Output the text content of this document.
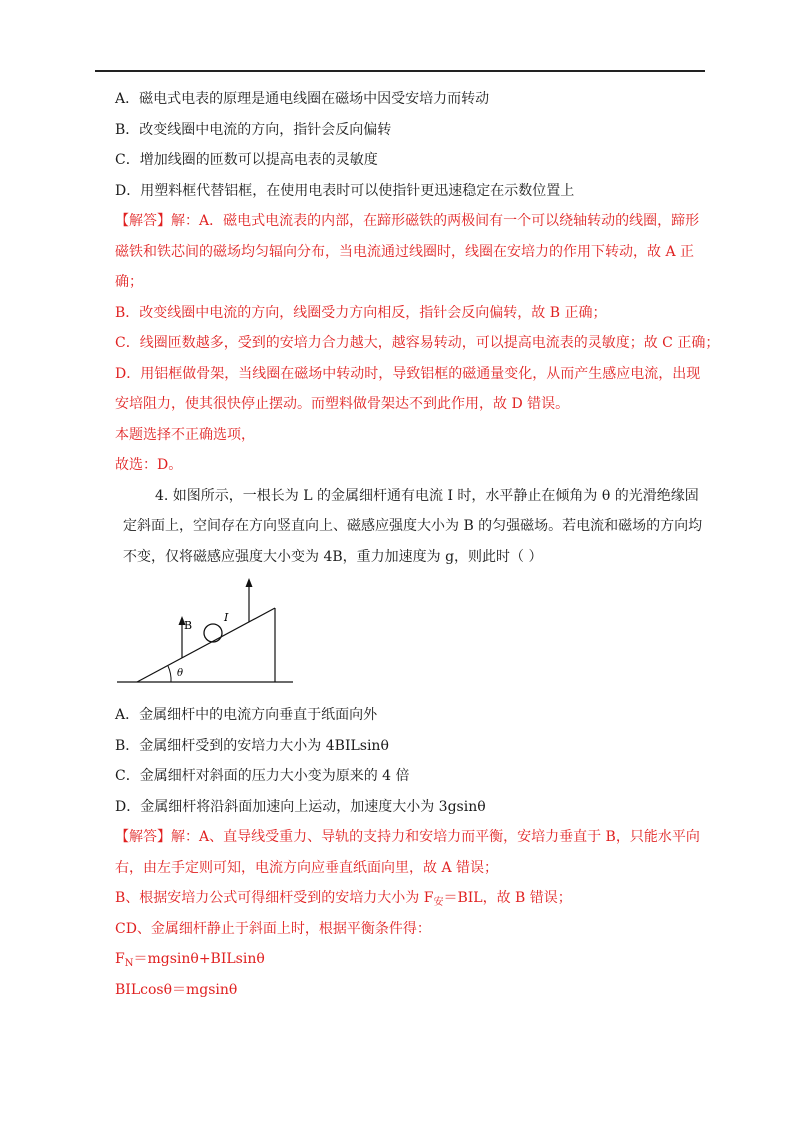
A．磁电式电表的原理是通电线圈在磁场中因受安培力而转动
B．改变线圈中电流的方向，指针会反向偏转
C．增加线圈的匝数可以提高电表的灵敏度
D．用塑料框代替铝框，在使用电表时可以使指针更迅速稳定在示数位置上
【解答】解：A．磁电式电流表的内部，在蹄形磁铁的两极间有一个可以绕轴转动的线圈，蹄形
磁铁和铁芯间的磁场均匀辐向分布，当电流通过线圈时，线圈在安培力的作用下转动，故 A 正
确；
B．改变线圈中电流的方向，线圈受力方向相反，指针会反向偏转，故 B 正确；
C．线圈匝数越多，受到的安培力合力越大，越容易转动，可以提高电流表的灵敏度；故 C 正确；
D．用铝框做骨架，当线圈在磁场中转动时，导致铝框的磁通量变化，从而产生感应电流，出现
安培阻力，使其很快停止摆动。而塑料做骨架达不到此作用，故 D 错误。
本题选择不正确选项，
故选：D。
4. 如图所示，一根长为 L 的金属细杆通有电流 I 时，水平静止在倾角为 θ 的光滑绝缘固
定斜面上，空间存在方向竖直向上、磁感应强度大小为 B 的匀强磁场。若电流和磁场的方向均
不变，仅将磁感应强度大小变为 4B，重力加速度为 g，则此时（ ）
θ
B
I
A．金属细杆中的电流方向垂直于纸面向外
B．金属细杆受到的安培力大小为 4BILsinθ
C．金属细杆对斜面的压力大小变为原来的 4 倍
D．金属细杆将沿斜面加速向上运动，加速度大小为 3gsinθ
【解答】解：A、直导线受重力、导轨的支持力和安培力而平衡，安培力垂直于 B，只能水平向
右，由左手定则可知，电流方向应垂直纸面向里，故 A 错误；
B、根据安培力公式可得细杆受到的安培力大小为 $F_安=BIL$，故 B 错误；
CD、金属细杆静止于斜面上时，根据平衡条件得：
$F_N=mgsin\theta+BILsin\theta$
BILcosθ＝mgsinθ
